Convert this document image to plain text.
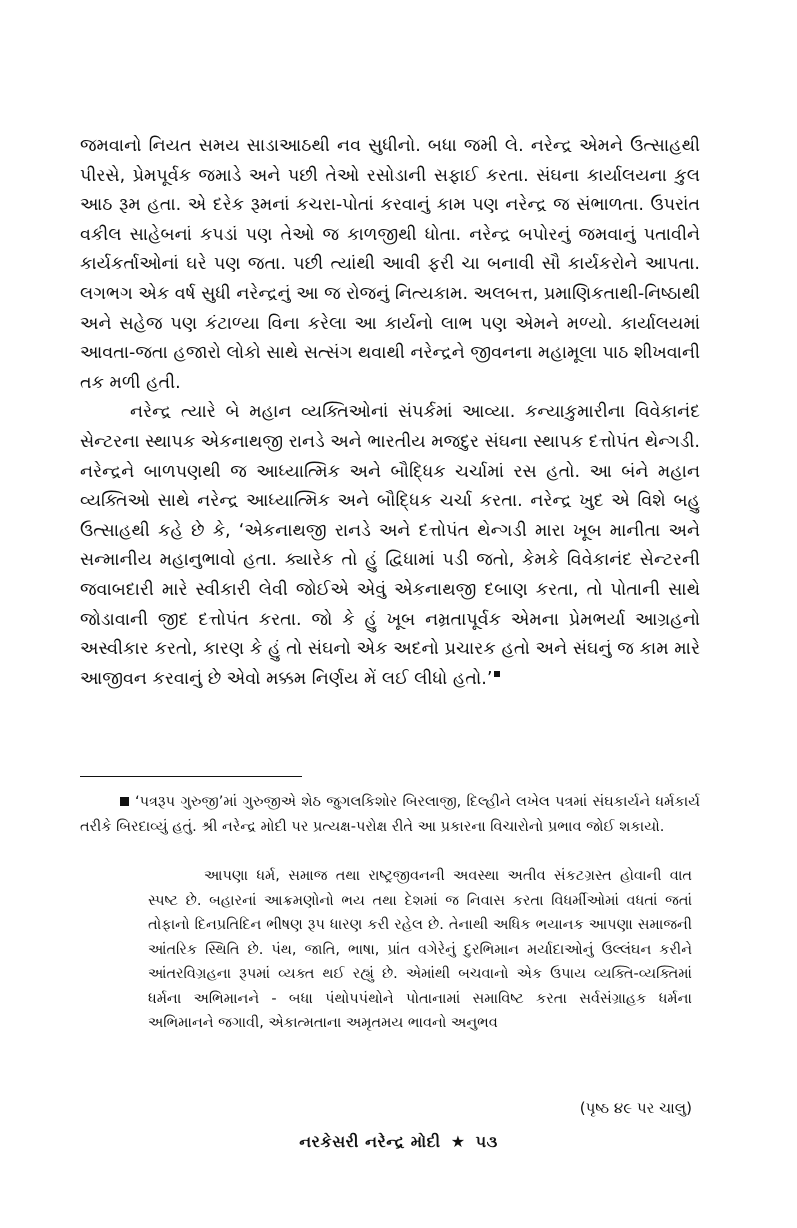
જમવાનો નિયત સમય સાડાઆઠથી નવ સુધીનો. બધા જમી લે. નરેન્દ્ર એમને ઉત્સાહથી પીરસે, પ્રેમપૂર્વક જમાડે અને પછી તેઓ રસોડાની સફાઈ કરતા. સંઘના કાર્યાલયના કુલ આઠ રૂમ હતા. એ દરેક રૂમનાં કચરા-પોતાં કરવાનું કામ પણ નરેન્દ્ર જ સંભાળતા. ઉપરાંત વકીલ સાહેબનાં કપડાં પણ તેઓ જ કાળજીથી ધોતા. નરેન્દ્ર બપોરનું જમવાનું પતાવીને કાર્યકર્તાઓનાં ઘરે પણ જતા. પછી ત્યાંથી આવી ફરી ચા બનાવી સૌ કાર્યકરોને આપતા. લગભગ એક વર્ષ સુધી નરેન્દ્રનું આ જ રોજનું નિત્યકામ. અલબત્ત, પ્રમાણિકતાથી-નિષ્ઠાથી અને સહેજ પણ કંટાળ્યા વિના કરેલા આ કાર્યનો લાભ પણ એમને મળ્યો. કાર્યાલયમાં આવતા-જતા હજારો લોકો સાથે સત્સંગ થવાથી નરેન્દ્રને જીવનના મહામૂલા પાઠ શીખવાની તક મળી હતી.

નરેન્દ્ર ત્યારે બે મહાન વ્યક્તિઓનાં સંપર્કમાં આવ્યા. કન્યાકુમારીના વિવેકાનંદ સેન્ટરના સ્થાપક એકનાથજી રાનડે અને ભારતીય મજદુર સંઘના સ્થાપક દત્તોપંત થેન્ગડી. નરેન્દ્રને બાળપણથી જ આધ્યાત્મિક અને બૌદ્ધિક ચર્ચામાં રસ હતો. આ બંને મહાન વ્યક્તિઓ સાથે નરેન્દ્ર આધ્યાત્મિક અને બૌદ્ધિક ચર્ચા કરતા. નરેન્દ્ર ખુદ એ વિશે બહુ ઉત્સાહથી કહે છે કે, ‘એકનાથજી રાનડે અને દત્તોપંત થેન્ગડી મારા ખૂબ માનીતા અને સન્માનીય મહાનુભાવો હતા. ક્યારેક તો હું દ્વિધામાં પડી જતો, કેમકે વિવેકાનંદ સેન્ટરની જવાબદારી મારે સ્વીકારી લેવી જોઈએ એવું એકનાથજી દબાણ કરતા, તો પોતાની સાથે જોડાવાની જીદ દત્તોપંત કરતા. જો કે હું ખૂબ નમ્રતાપૂર્વક એમના પ્રેમભર્યા આગ્રહનો અસ્વીકાર કરતો, કારણ કે હું તો સંઘનો એક અદનો પ્રચારક હતો અને સંઘનું જ કામ મારે આજીવન કરવાનું છે એવો મક્કમ નિર્ણય મેં લઈ લીધો હતો.’

‘પત્રરૂપ ગુરુજી’માં ગુરુજીએ શેઠ જુગલકિશોર બિરલાજી, દિલ્હીને લખેલ પત્રમાં સંઘકાર્યને ધર્મકાર્ય તરીકે બિરદાવ્યું હતું. શ્રી નરેન્દ્ર મોદી પર પ્રત્યક્ષ-પરોક્ષ રીતે આ પ્રકારના વિચારોનો પ્રભાવ જોઈ શકાયો.

આપણા ધર્મ, સમાજ તથા રાષ્ટ્રજીવનની અવસ્થા અતીવ સંકટગ્રસ્ત હોવાની વાત સ્પષ્ટ છે. બહારનાં આક્રમણોનો ભય તથા દેશમાં જ નિવાસ કરતા વિધર્મીઓમાં વધતાં જતાં તોફાનો દિનપ્રતિદિન ભીષણ રૂપ ધારણ કરી રહેલ છે. તેનાથી અધિક ભયાનક આપણા સમાજની આંતરિક સ્થિતિ છે. પંથ, જાતિ, ભાષા, પ્રાંત વગેરેનું દુરભિમાન મર્યાદાઓનું ઉલ્લંઘન કરીને આંતરવિગ્રહના રૂપમાં વ્યક્ત થઈ રહ્યું છે. એમાંથી બચવાનો એક ઉપાય વ્યક્તિ-વ્યક્તિમાં ધર્મના અભિમાનને - બધા પંથોપપંથોને પોતાનામાં સમાવિષ્ટ કરતા સર્વસંગ્રાહક ધર્મના અભિમાનને જગાવી, એકાત્મતાના અમૃતમય ભાવનો અનુભવ

(પૃષ્ઠ ૪૯ પર ચાલુ)
નરકેસરી નરેન્દ્ર મોદી ★ ૫૩
